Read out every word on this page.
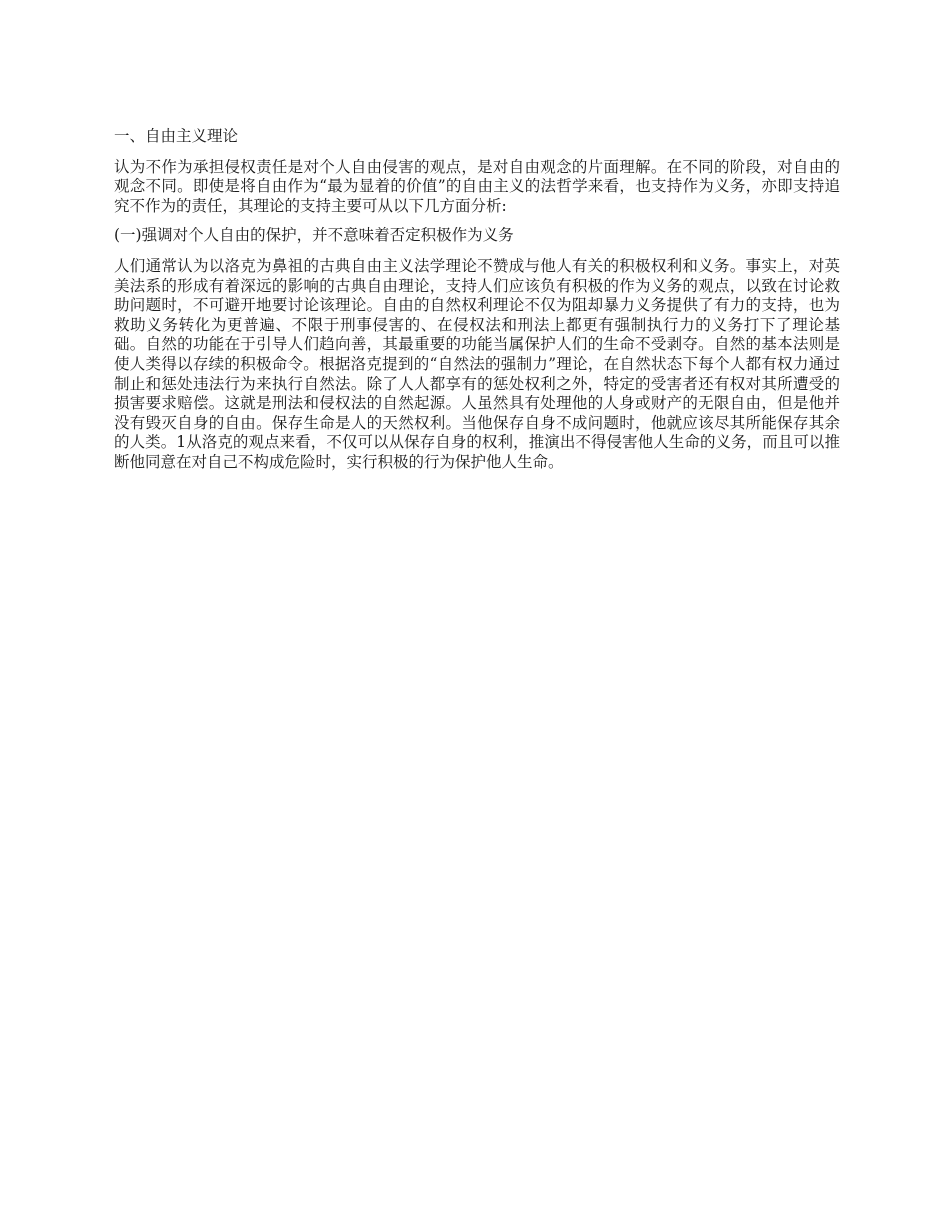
一、自由主义理论

认为不作为承担侵权责任是对个人自由侵害的观点，是对自由观念的片面理解。在不同的阶段，对自由的观念不同。即使是将自由作为“最为显着的价值”的自由主义的法哲学来看，也支持作为义务，亦即支持追究不作为的责任，其理论的支持主要可从以下几方面分析:

(一)强调对个人自由的保护，并不意味着否定积极作为义务

人们通常认为以洛克为鼻祖的古典自由主义法学理论不赞成与他人有关的积极权利和义务。事实上，对英美法系的形成有着深远的影响的古典自由理论，支持人们应该负有积极的作为义务的观点，以致在讨论救助问题时，不可避开地要讨论该理论。自由的自然权利理论不仅为阻却暴力义务提供了有力的支持，也为救助义务转化为更普遍、不限于刑事侵害的、在侵权法和刑法上都更有强制执行力的义务打下了理论基础。自然的功能在于引导人们趋向善，其最重要的功能当属保护人们的生命不受剥夺。自然的基本法则是使人类得以存续的积极命令。根据洛克提到的“自然法的强制力”理论，在自然状态下每个人都有权力通过制止和惩处违法行为来执行自然法。除了人人都享有的惩处权利之外，特定的受害者还有权对其所遭受的损害要求赔偿。这就是刑法和侵权法的自然起源。人虽然具有处理他的人身或财产的无限自由，但是他并没有毁灭自身的自由。保存生命是人的天然权利。当他保存自身不成问题时，他就应该尽其所能保存其余的人类。1从洛克的观点来看，不仅可以从保存自身的权利，推演出不得侵害他人生命的义务，而且可以推断他同意在对自己不构成危险时，实行积极的行为保护他人生命。
